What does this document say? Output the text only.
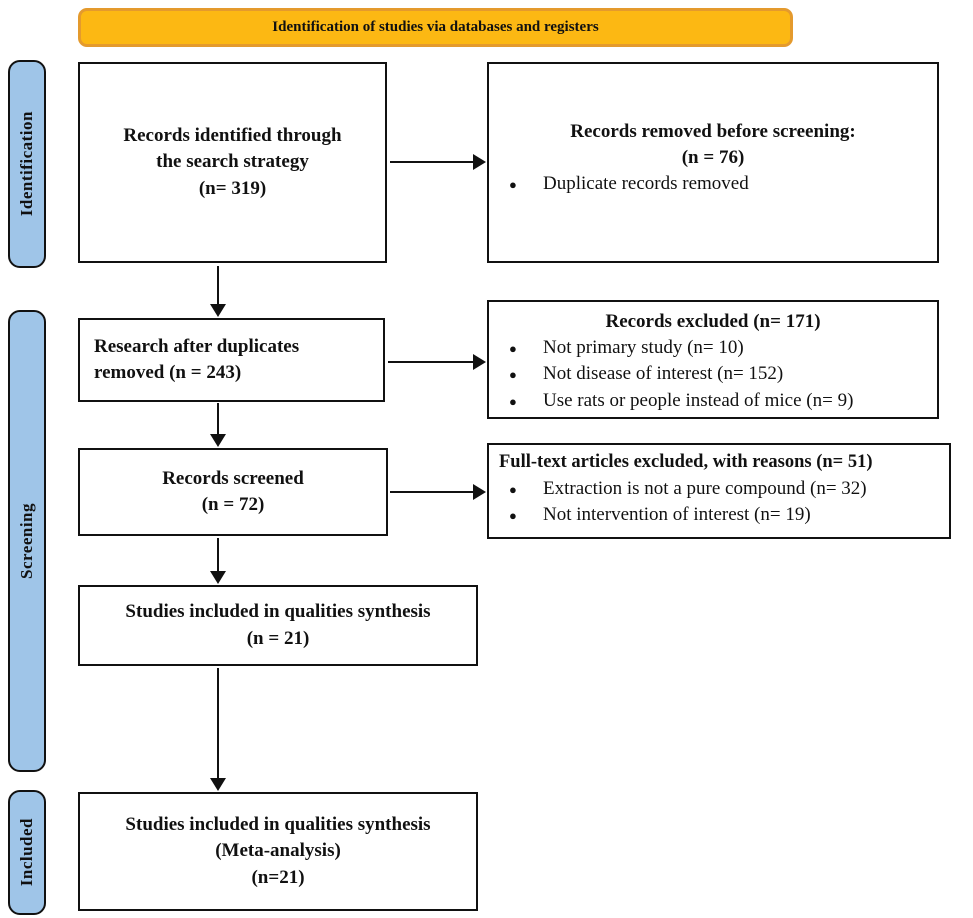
Identification of studies via databases and registers
Identification
Screening
Included
Records identified through
the search strategy
(n= 319)
Records removed before screening:
(n = 76)
●	Duplicate records removed
Research after duplicates removed (n = 243)
Records excluded (n= 171)
●	Not primary study (n= 10)
●	Not disease of interest (n= 152)
●	Use rats or people instead of mice (n= 9)
Records screened
(n = 72)
Full-text articles excluded, with reasons (n= 51)
●	Extraction is not a pure compound (n= 32)
●	Not intervention of interest (n= 19)
Studies included in qualities synthesis
(n = 21)
Studies included in qualities synthesis
(Meta-analysis)
(n=21)
